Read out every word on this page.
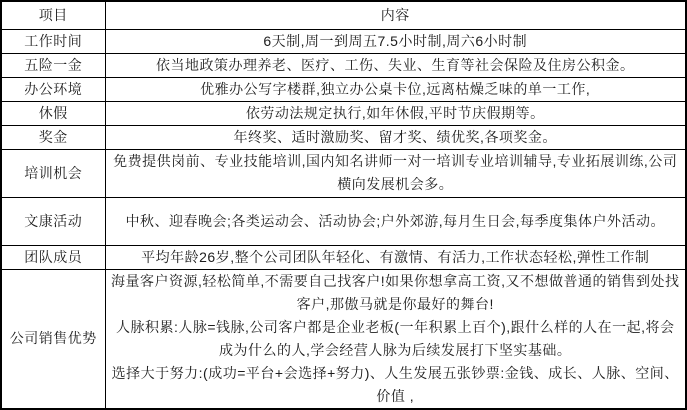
项目	内容
工作时间	6天制,周一到周五7.5小时制,周六6小时制

五险一金	依当地政策办理养老、医疗、工伤、失业、生育等社会保险及住房公积金。

办公环境	优雅办公写字楼群,独立办公桌卡位,远离枯燥乏味的单一工作,

休假	依劳动法规定执行,如年休假,平时节庆假期等。

奖金	年终奖、适时激励奖、留才奖、绩优奖,各项奖金。

培训机会	免费提供岗前、专业技能培训,国内知名讲师一对一培训专业培训辅导,专业拓展训练,公司横向发展机会多。

文康活动	中秋、迎春晚会;各类运动会、活动协会;户外郊游,每月生日会,每季度集体户外活动。

团队成员	平均年龄26岁,整个公司团队年轻化、有激情、有活力,工作状态轻松,弹性工作制

公司销售优势	海量客户资源,轻松简单,不需要自己找客户!如果你想拿高工资,又不想做普通的销售到处找客户,那傲马就是你最好的舞台!
人脉积累:人脉=钱脉,公司客户都是企业老板(一年积累上百个),跟什么样的人在一起,将会成为什么的人,学会经营人脉为后续发展打下坚实基础。
选择大于努力:(成功=平台+会选择+努力)、人生发展五张钞票:金钱、成长、人脉、空间、价值 ,
